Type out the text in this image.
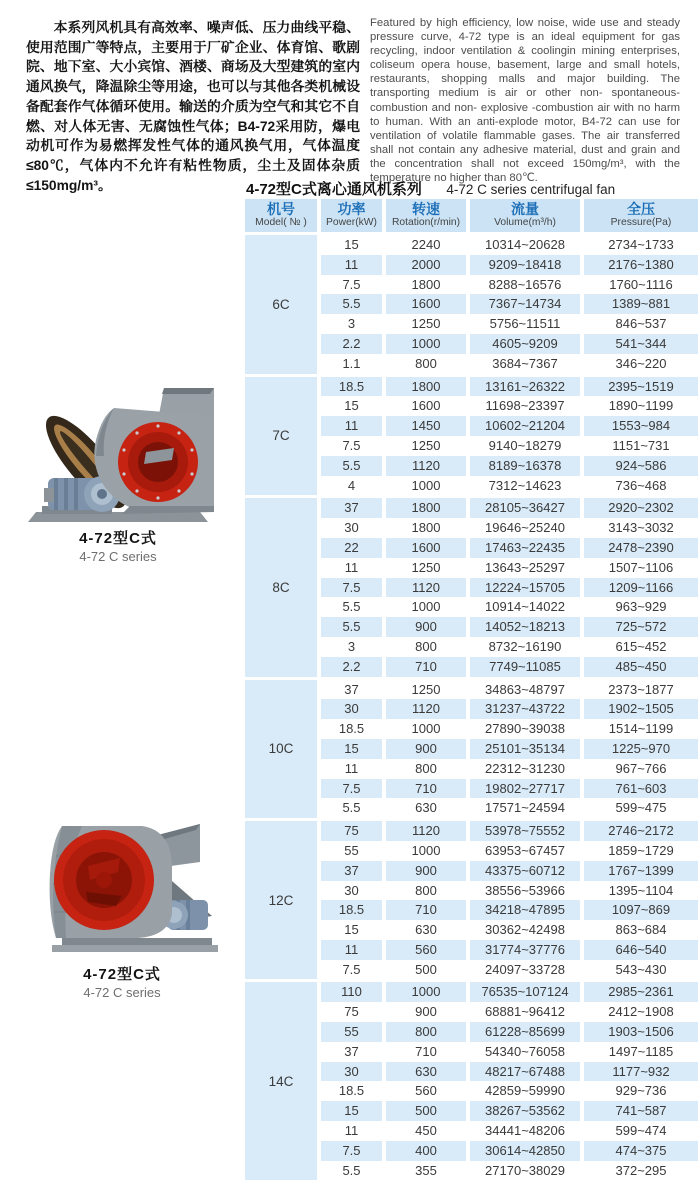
本系列风机具有高效率、噪声低、压力曲线平稳、使用范围广等特点，主要用于厂矿企业、体育馆、歌剧院、地下室、大小宾馆、酒楼、商场及大型建筑的室内通风换气，降温除尘等用途，也可以与其他各类机械设备配套作气体循环使用。输送的介质为空气和其它不自燃、对人体无害、无腐蚀性气体；B4-72采用防，爆电动机可作为易燃挥发性气体的通风换气用，气体温度≤80℃，气体内不允许有粘性物质，尘土及固体杂质≤150mg/m³。

Featured by high efficiency, low noise, wide use and steady pressure curve, 4-72 type is an ideal equipment for gas recycling, indoor ventilation & coolingin mining enterprises, coliseum opera house, basement, large and small hotels, restaurants, shopping malls and major building. The transporting medium is air or other non- spontaneous-combustion and non- explosive -combustion air with no harm to human. With an anti-explode motor, B4-72 can use for ventilation of volatile flammable gases. The air transferred shall not contain any adhesive material, dust and grain and the concentration shall not exceed 150mg/m³, with the temperature no higher than 80℃.

4-72型C式离心通风机系列 4-72 C series centrifugal fan
机号
Model( № )
功率
Power(kW)
转速
Rotation(r/min)
流量
Volume(m³/h)
全压
Pressure(Pa)
6C
15	2240	10314~20628	2734~1733
11	2000	9209~18418	2176~1380
7.5	1800	8288~16576	1760~1116
5.5	1600	7367~14734	1389~881
3	1250	5756~11511	846~537
2.2	1000	4605~9209	541~344
1.1	800	3684~7367	346~220
7C
18.5	1800	13161~26322	2395~1519
15	1600	11698~23397	1890~1199
11	1450	10602~21204	1553~984
7.5	1250	9140~18279	1151~731
5.5	1120	8189~16378	924~586
4	1000	7312~14623	736~468
8C
37	1800	28105~36427	2920~2302
30	1800	19646~25240	3143~3032
22	1600	17463~22435	2478~2390
11	1250	13643~25297	1507~1106
7.5	1120	12224~15705	1209~1166
5.5	1000	10914~14022	963~929
5.5	900	14052~18213	725~572
3	800	8732~16190	615~452
2.2	710	7749~11085	485~450
10C
37	1250	34863~48797	2373~1877
30	1120	31237~43722	1902~1505
18.5	1000	27890~39038	1514~1199
15	900	25101~35134	1225~970
11	800	22312~31230	967~766
7.5	710	19802~27717	761~603
5.5	630	17571~24594	599~475
12C
75	1120	53978~75552	2746~2172
55	1000	63953~67457	1859~1729
37	900	43375~60712	1767~1399
30	800	38556~53966	1395~1104
18.5	710	34218~47895	1097~869
15	630	30362~42498	863~684
11	560	31774~37776	646~540
7.5	500	24097~33728	543~430
14C
110	1000	76535~107124	2985~2361
75	900	68881~96412	2412~1908
55	800	61228~85699	1903~1506
37	710	54340~76058	1497~1185
30	630	48217~67488	1177~932
18.5	560	42859~59990	929~736
15	500	38267~53562	741~587
11	450	34441~48206	599~474
7.5	400	30614~42850	474~375
5.5	355	27170~38029	372~295
4-72型C式
4-72 C series
4-72型C式
4-72 C series
